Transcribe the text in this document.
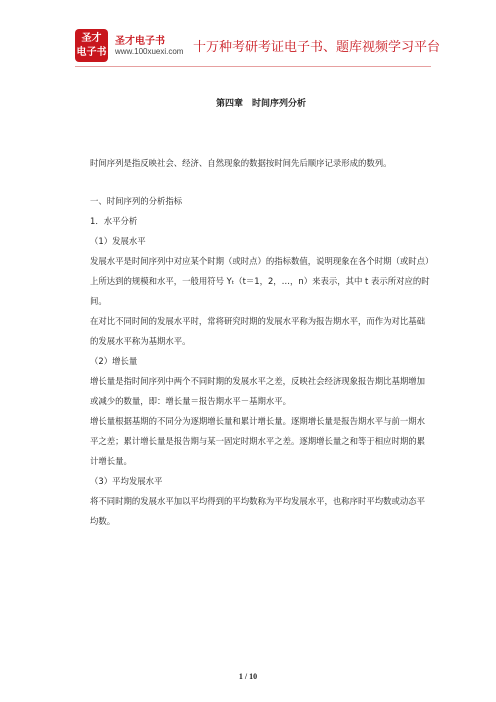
圣才
电子书
圣才电子书
www.100xuexi.com 十万种考研考证电子书、题库视频学习平台
第四章　时间序列分析

时间序列是指反映社会、经济、自然现象的数据按时间先后顺序记录形成的数列。

一、时间序列的分析指标

1．水平分析

（1）发展水平

发展水平是时间序列中对应某个时期（或时点）的指标数值，说明现象在各个时期（或时点）上所达到的规模和水平，一般用符号 Yₜ（t＝1，2，…，n）来表示，其中 t 表示所对应的时间。

在对比不同时间的发展水平时，常将研究时期的发展水平称为报告期水平，而作为对比基础的发展水平称为基期水平。

（2）增长量

增长量是指时间序列中两个不同时期的发展水平之差，反映社会经济现象报告期比基期增加或减少的数量，即：增长量＝报告期水平－基期水平。

增长量根据基期的不同分为逐期增长量和累计增长量。逐期增长量是报告期水平与前一期水平之差；累计增长量是报告期与某一固定时期水平之差。逐期增长量之和等于相应时期的累计增长量。

（3）平均发展水平

将不同时期的发展水平加以平均得到的平均数称为平均发展水平，也称序时平均数或动态平均数。

1 / 10
